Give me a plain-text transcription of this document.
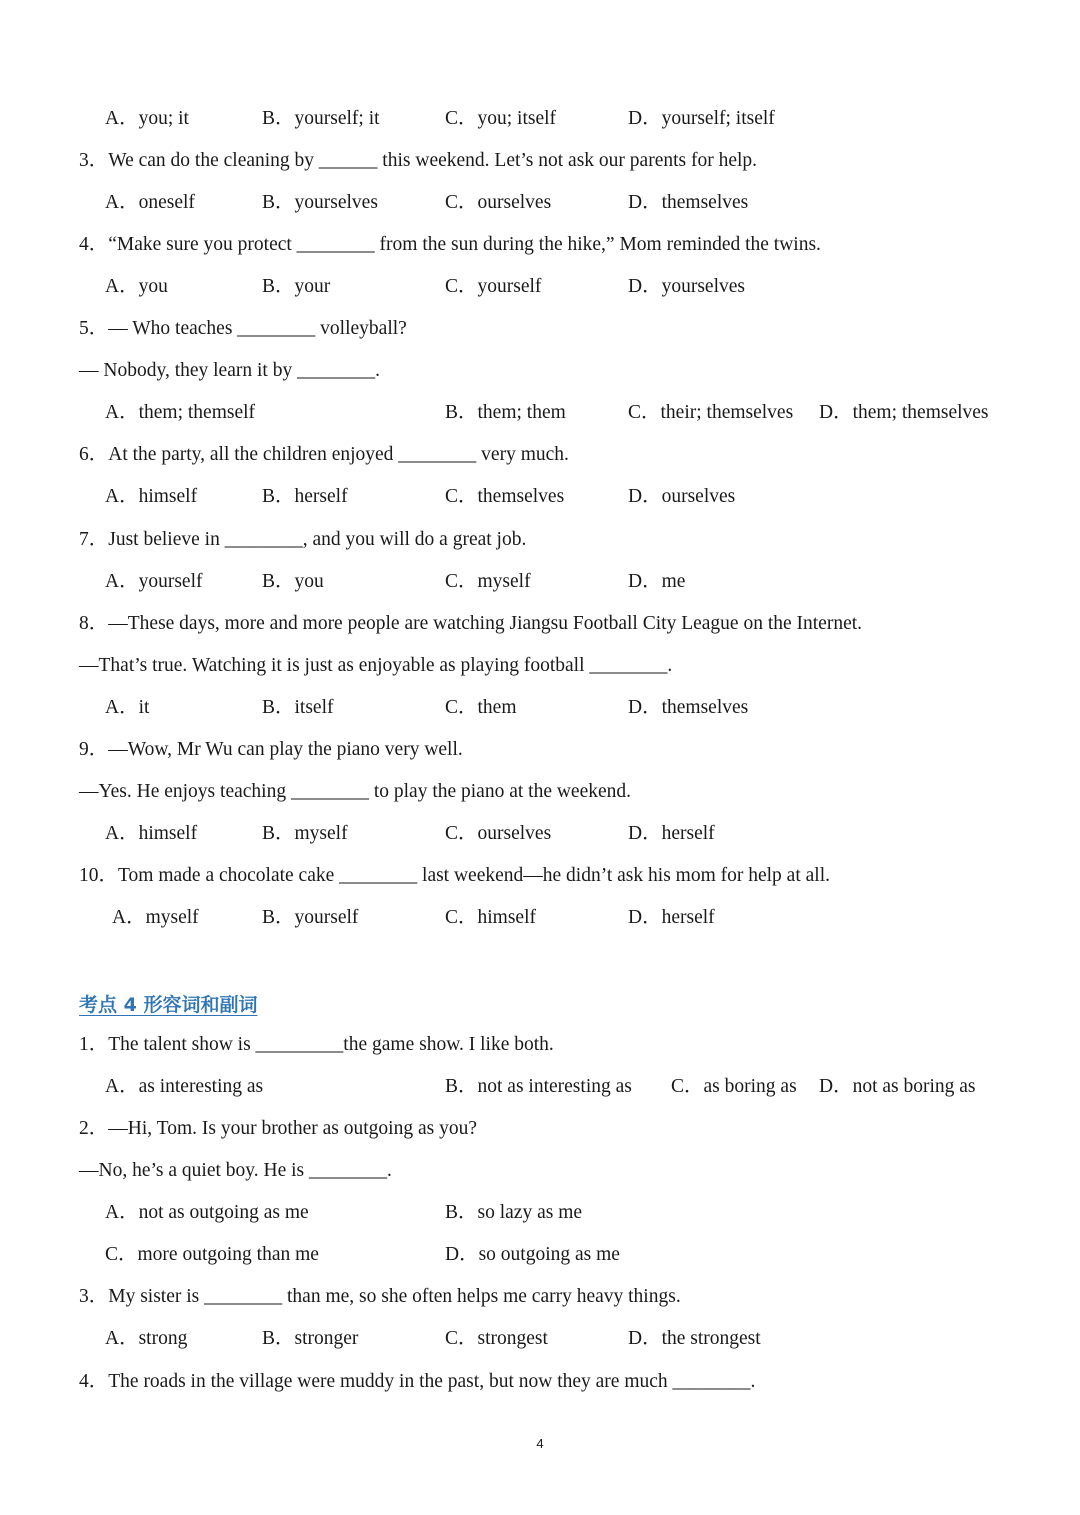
A．you; it	B．yourself; it	C．you; itself	D．yourself; itself
3．We can do the cleaning by ______ this weekend. Let’s not ask our parents for help.
A．oneself	B．yourselves	C．ourselves	D．themselves
4．“Make sure you protect ________ from the sun during the hike,” Mom reminded the twins.
A．you	B．your	C．yourself	D．yourselves
5．— Who teaches ________ volleyball?
— Nobody, they learn it by ________.
A．them; themself	B．them; them	C．their; themselves D．them; themselves
6．At the party, all the children enjoyed ________ very much.
A．himself	B．herself	C．themselves	D．ourselves
7．Just believe in ________, and you will do a great job.
A．yourself	B．you	C．myself	D．me
8．—These days, more and more people are watching Jiangsu Football City League on the Internet.
—That’s true. Watching it is just as enjoyable as playing football ________.
A．it	B．itself	C．them	D．themselves
9．—Wow, Mr Wu can play the piano very well.
—Yes. He enjoys teaching ________ to play the piano at the weekend.
A．himself	B．myself	C．ourselves	D．herself
10．Tom made a chocolate cake ________ last weekend—he didn’t ask his mom for help at all.
A．myself	B．yourself	C．himself	D．herself
考点 4 形容词和副词
1．The talent show is _________the game show. I like both.
A．as interesting as	B．not as interesting as C．as boring as D．not as boring as
2．—Hi, Tom. Is your brother as outgoing as you?
—No, he’s a quiet boy. He is ________.
A．not as outgoing as me	B．so lazy as me
C．more outgoing than me	D．so outgoing as me
3．My sister is ________ than me, so she often helps me carry heavy things.
A．strong	B．stronger	C．strongest	D．the strongest
4．The roads in the village were muddy in the past, but now they are much ________.
4
